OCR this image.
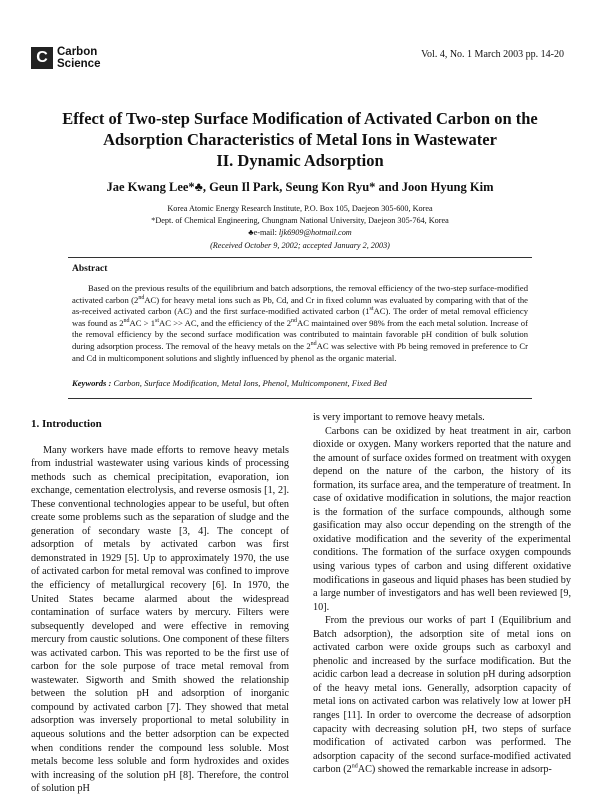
C Carbon
Science
Vol. 4, No. 1 March 2003 pp. 14-20
Effect of Two-step Surface Modification of Activated Carbon on the
Adsorption Characteristics of Metal Ions in Wastewater
II. Dynamic Adsorption
Jae Kwang Lee*♣, Geun Il Park, Seung Kon Ryu* and Joon Hyung Kim
Korea Atomic Energy Research Institute, P.O. Box 105, Daejeon 305-600, Korea
*Dept. of Chemical Engineering, Chungnam National University, Daejeon 305-764, Korea
♣e-mail: ljk6909@hotmail.com
(Received October 9, 2002; accepted January 2, 2003)
Abstract
Based on the previous results of the equilibrium and batch adsorptions, the removal efficiency of the two-step surface-modified activated carbon (2ndAC) for heavy metal ions such as Pb, Cd, and Cr in fixed column was evaluated by comparing with that of the as-received activated carbon (AC) and the first surface-modified activated carbon (1stAC). The order of metal removal efficiency was found as 2ndAC > 1stAC >> AC, and the efficiency of the 2ndAC maintained over 98% from the each metal solution. Increase of the removal efficiency by the second surface modification was contributed to maintain favorable pH condition of bulk solution during adsorption process. The removal of the heavy metals on the 2ndAC was selective with Pb being removed in preference to Cr and Cd in multicomponent solutions and slightly influenced by phenol as the organic material.
Keywords : Carbon, Surface Modification, Metal Ions, Phenol, Multicomponent, Fixed Bed
1. Introduction

Many workers have made efforts to remove heavy metals from industrial wastewater using various kinds of processing methods such as chemical precipitation, evaporation, ion exchange, cementation electrolysis, and reverse osmosis [1, 2]. These conventional technologies appear to be useful, but often create some problems such as the separation of sludge and the generation of secondary waste [3, 4]. The concept of adsorption of metals by activated carbon was first demonstrated in 1929 [5]. Up to approximately 1970, the use of activated carbon for metal removal was confined to improve the efficiency of metallurgical recovery [6]. In 1970, the United States became alarmed about the widespread contamination of surface waters by mercury. Filters were subsequently developed and were effective in removing mercury from caustic solutions. One component of these filters was activated carbon. This was reported to be the first use of carbon for the sole purpose of trace metal removal from wastewater. Sigworth and Smith showed the relationship between the solution pH and adsorption of inorganic compound by activated carbon [7]. They showed that metal adsorption was inversely proportional to metal solubility in aqueous solutions and the better adsorption can be expected when conditions render the compound less soluble. Most metals become less soluble and form hydroxides and oxides with increasing of the solution pH [8]. Therefore, the control of solution pH

is very important to remove heavy metals.

Carbons can be oxidized by heat treatment in air, carbon dioxide or oxygen. Many workers reported that the nature and the amount of surface oxides formed on treatment with oxygen depend on the nature of the carbon, the history of its formation, its surface area, and the temperature of treatment. In case of oxidative modification in solutions, the major reaction is the formation of the surface compounds, although some gasification may also occur depending on the strength of the oxidative modification and the severity of the experimental conditions. The formation of the surface oxygen compounds using various types of carbon and using different oxidative modifications in gaseous and liquid phases has been studied by a large number of investigators and has well been reviewed [9, 10].

From the previous our works of part I (Equilibrium and Batch adsorption), the adsorption site of metal ions on activated carbon were oxide groups such as carboxyl and phenolic and increased by the surface modification. But the acidic carbon lead a decrease in solution pH during adsorption of the heavy metal ions. Generally, adsorption capacity of metal ions on activated carbon was relatively low at lower pH ranges [11]. In order to overcome the decrease of adsorption capacity with decreasing solution pH, two steps of surface modification of activated carbon was performed. The adsorption capacity of the second surface-modified activated carbon (2ndAC) showed the remarkable increase in adsorp-
